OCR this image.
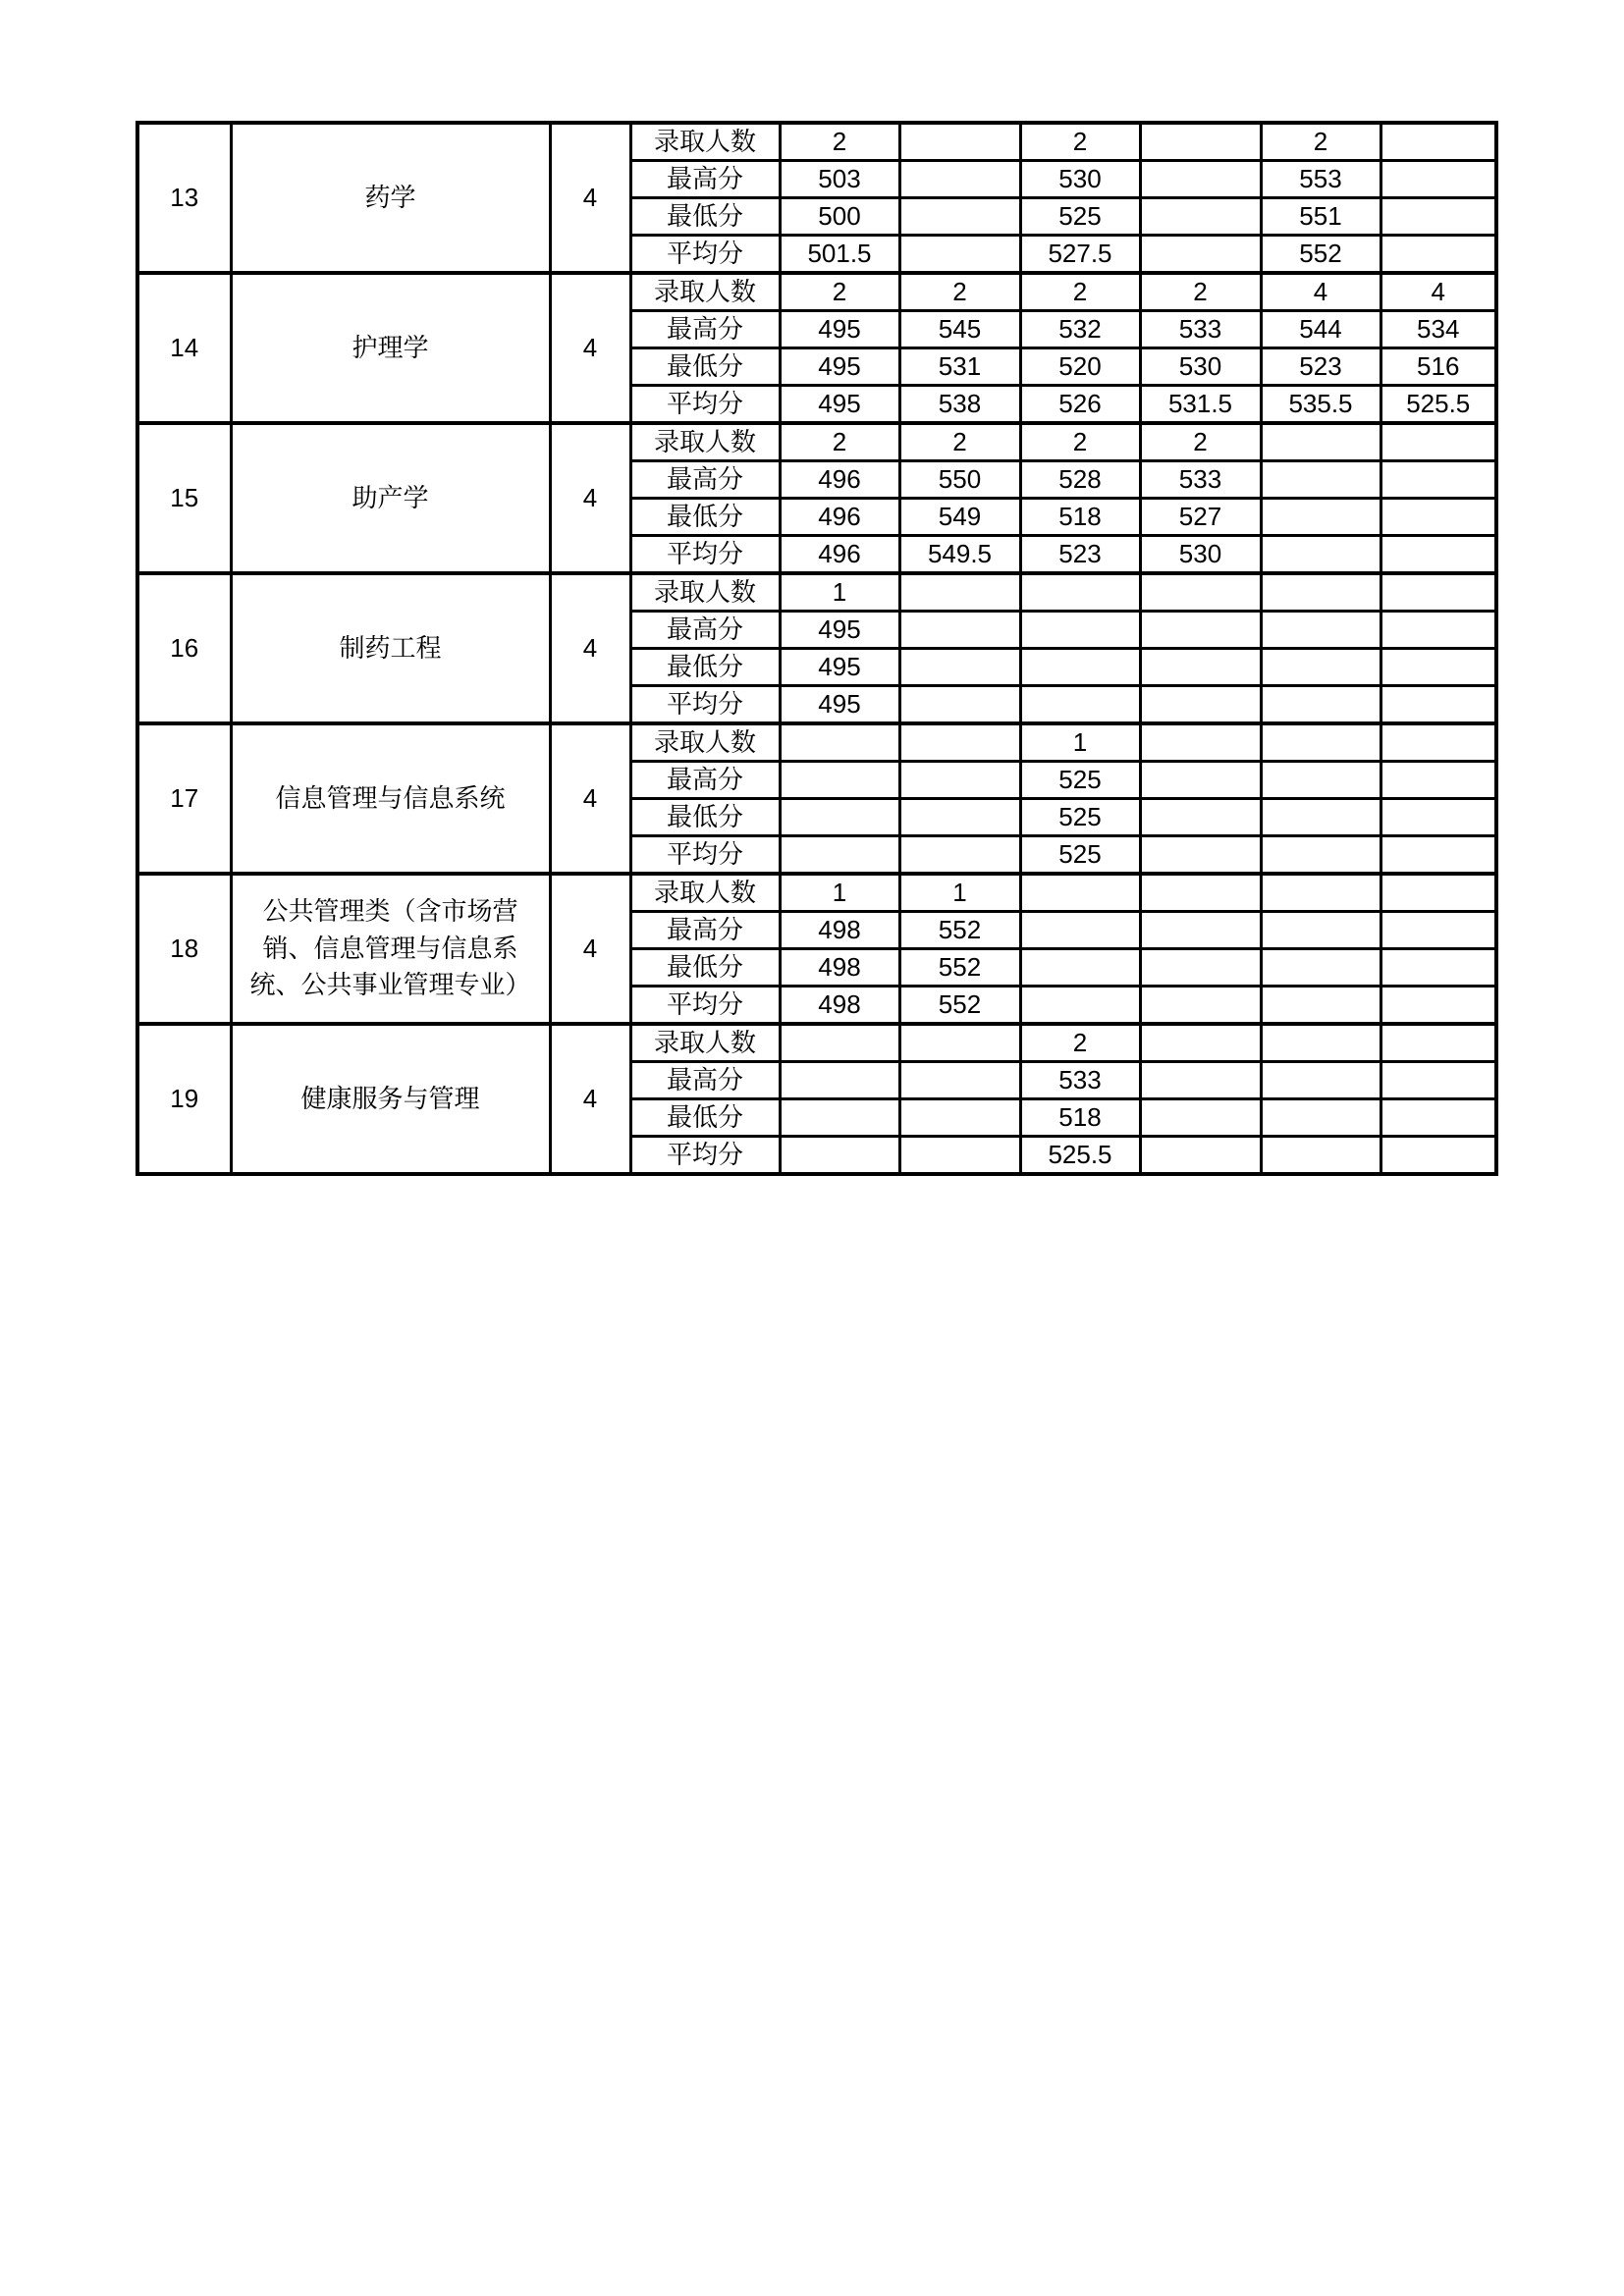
13	药学	4	录取人数	2		2		2	
			最高分	503		530		553	
			最低分	500		525		551	
			平均分	501.5		527.5		552	
14	护理学	4	录取人数	2	2	2	2	4	4
			最高分	495	545	532	533	544	534
			最低分	495	531	520	530	523	516
			平均分	495	538	526	531.5	535.5	525.5
15	助产学	4	录取人数	2	2	2	2		
			最高分	496	550	528	533		
			最低分	496	549	518	527		
			平均分	496	549.5	523	530		
16	制药工程	4	录取人数	1					
			最高分	495					
			最低分	495					
			平均分	495					
17	信息管理与信息系统	4	录取人数			1			
			最高分			525			
			最低分			525			
			平均分			525			
18	公共管理类（含市场营销、信息管理与信息系统、公共事业管理专业）	4	录取人数	1	1				
			最高分	498	552				
			最低分	498	552				
			平均分	498	552				
19	健康服务与管理	4	录取人数			2			
			最高分			533			
			最低分			518			
			平均分			525.5			
